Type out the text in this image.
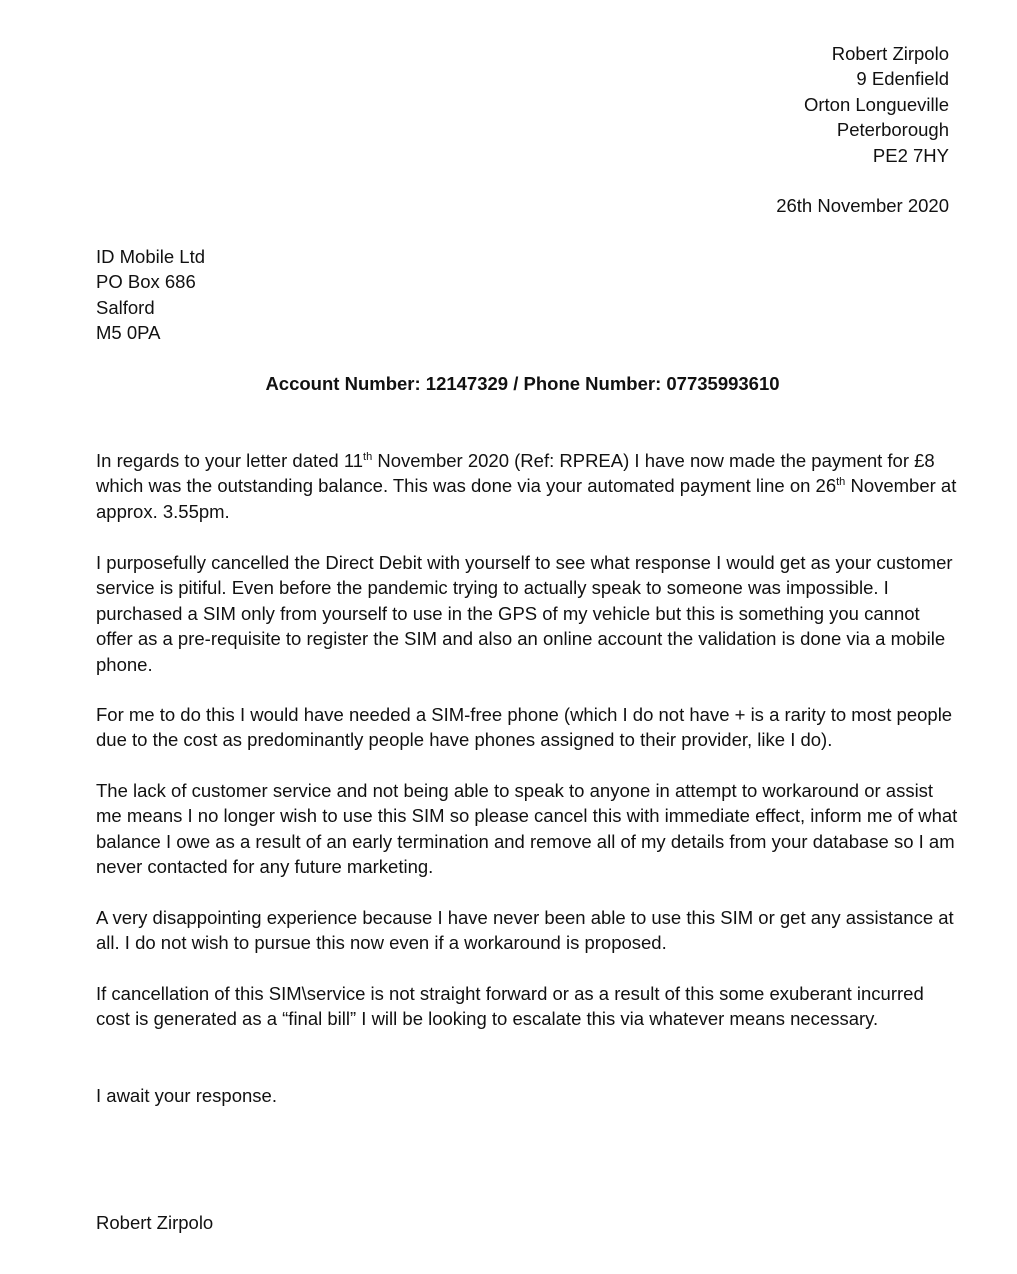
Robert Zirpolo
9 Edenfield
Orton Longueville
Peterborough
PE2 7HY
26th November 2020
ID Mobile Ltd
PO Box 686
Salford
M5 0PA
Account Number: 12147329 / Phone Number: 07735993610

In regards to your letter dated 11th November 2020 (Ref: RPREA) I have now made the payment for £8 which was the outstanding balance. This was done via your automated payment line on 26th November at approx. 3.55pm.

I purposefully cancelled the Direct Debit with yourself to see what response I would get as your customer service is pitiful. Even before the pandemic trying to actually speak to someone was impossible. I purchased a SIM only from yourself to use in the GPS of my vehicle but this is something you cannot offer as a pre-requisite to register the SIM and also an online account the validation is done via a mobile phone.

For me to do this I would have needed a SIM-free phone (which I do not have + is a rarity to most people due to the cost as predominantly people have phones assigned to their provider, like I do).

The lack of customer service and not being able to speak to anyone in attempt to workaround or assist me means I no longer wish to use this SIM so please cancel this with immediate effect, inform me of what balance I owe as a result of an early termination and remove all of my details from your database so I am never contacted for any future marketing.

A very disappointing experience because I have never been able to use this SIM or get any assistance at all. I do not wish to pursue this now even if a workaround is proposed.

If cancellation of this SIM\service is not straight forward or as a result of this some exuberant incurred cost is generated as a “final bill” I will be looking to escalate this via whatever means necessary.

I await your response.

Robert Zirpolo
